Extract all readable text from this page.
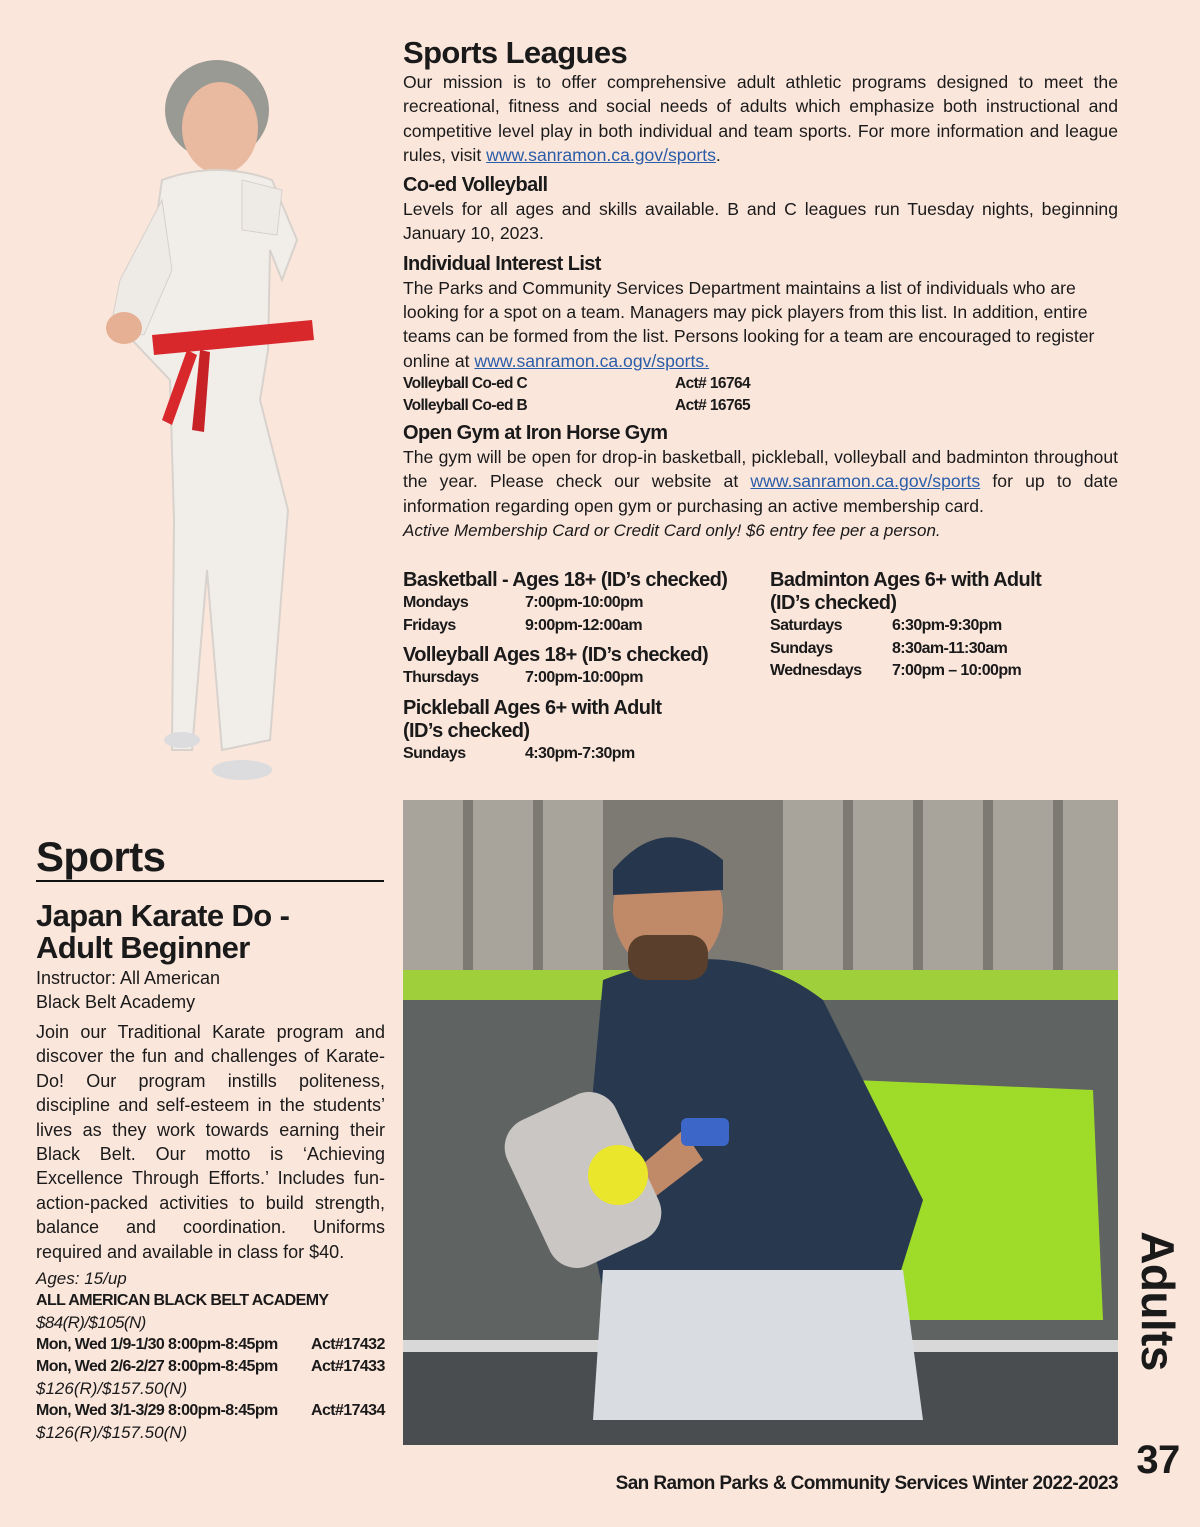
Sports Leagues

Our mission is to offer comprehensive adult athletic programs designed to meet the recreational, fitness and social needs of adults which emphasize both instructional and competitive level play in both individual and team sports. For more information and league rules, visit www.sanramon.ca.gov/sports.

Co-ed Volleyball

Levels for all ages and skills available. B and C leagues run Tuesday nights, beginning January 10, 2023.

Individual Interest List

The Parks and Community Services Department maintains a list of individuals who are looking for a spot on a team. Managers may pick players from this list. In addition, entire teams can be formed from the list. Persons looking for a team are encouraged to register online at www.sanramon.ca.ogv/sports.

Volleyball Co-ed C	Act# 16764
Volleyball Co-ed B	Act# 16765
Open Gym at Iron Horse Gym

The gym will be open for drop-in basketball, pickleball, volleyball and badminton throughout the year. Please check our website at www.sanramon.ca.gov/sports for up to date information regarding open gym or purchasing an active membership card.

Active Membership Card or Credit Card only! $6 entry fee per a person.

Basketball - Ages 18+ (ID’s checked)
Mondays	7:00pm-10:00pm
Fridays	9:00pm-12:00am
Volleyball Ages 18+ (ID’s checked)
Thursdays	7:00pm-10:00pm
Pickleball Ages 6+ with Adult
(ID’s checked)
Sundays	4:30pm-7:30pm
Badminton Ages 6+ with Adult
(ID’s checked)
Saturdays	6:30pm-9:30pm
Sundays	8:30am-11:30am
Wednesdays	7:00pm – 10:00pm
Sports
Japan Karate Do -
Adult Beginner
Instructor: All American
Black Belt Academy

Join our Traditional Karate program and discover the fun and challenges of Karate-Do! Our program instills politeness, discipline and self-esteem in the students’ lives as they work towards earning their Black Belt. Our motto is ‘Achieving Excellence Through Efforts.’ Includes fun-action-packed activities to build strength, balance and coordination. Uniforms required and available in class for $40.

Ages: 15/up
ALL AMERICAN BLACK BELT ACADEMY
$84(R)/$105(N)
Mon, Wed 1/9-1/30 8:00pm-8:45pm	Act#17432
Mon, Wed 2/6-2/27 8:00pm-8:45pm	Act#17433
$126(R)/$157.50(N)
Mon, Wed 3/1-3/29 8:00pm-8:45pm	Act#17434
$126(R)/$157.50(N)
Adults
37
San Ramon Parks & Community Services Winter 2022-2023
